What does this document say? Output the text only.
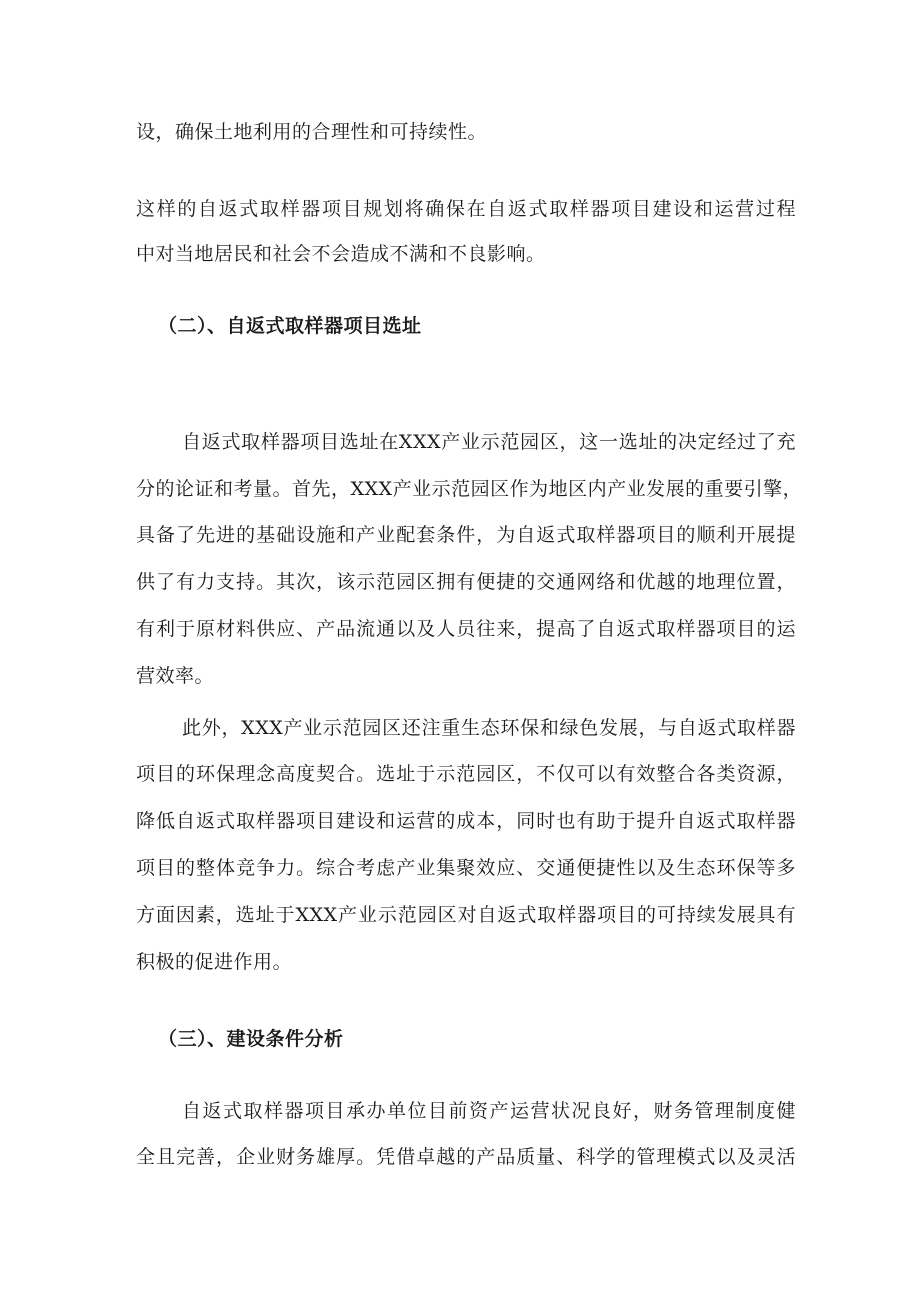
设，确保土地利用的合理性和可持续性。
这样的自返式取样器项目规划将确保在自返式取样器项目建设和运营过程
中对当地居民和社会不会造成不满和不良影响。
（二）、自返式取样器项目选址
自返式取样器项目选址在XXX产业示范园区，这一选址的决定经过了充
分的论证和考量。首先，XXX产业示范园区作为地区内产业发展的重要引擎，
具备了先进的基础设施和产业配套条件，为自返式取样器项目的顺利开展提
供了有力支持。其次，该示范园区拥有便捷的交通网络和优越的地理位置，
有利于原材料供应、产品流通以及人员往来，提高了自返式取样器项目的运
营效率。
此外，XXX产业示范园区还注重生态环保和绿色发展，与自返式取样器
项目的环保理念高度契合。选址于示范园区，不仅可以有效整合各类资源，
降低自返式取样器项目建设和运营的成本，同时也有助于提升自返式取样器
项目的整体竞争力。综合考虑产业集聚效应、交通便捷性以及生态环保等多
方面因素，选址于XXX产业示范园区对自返式取样器项目的可持续发展具有
积极的促进作用。
（三）、建设条件分析
自返式取样器项目承办单位目前资产运营状况良好，财务管理制度健
全且完善，企业财务雄厚。凭借卓越的产品质量、科学的管理模式以及灵活
